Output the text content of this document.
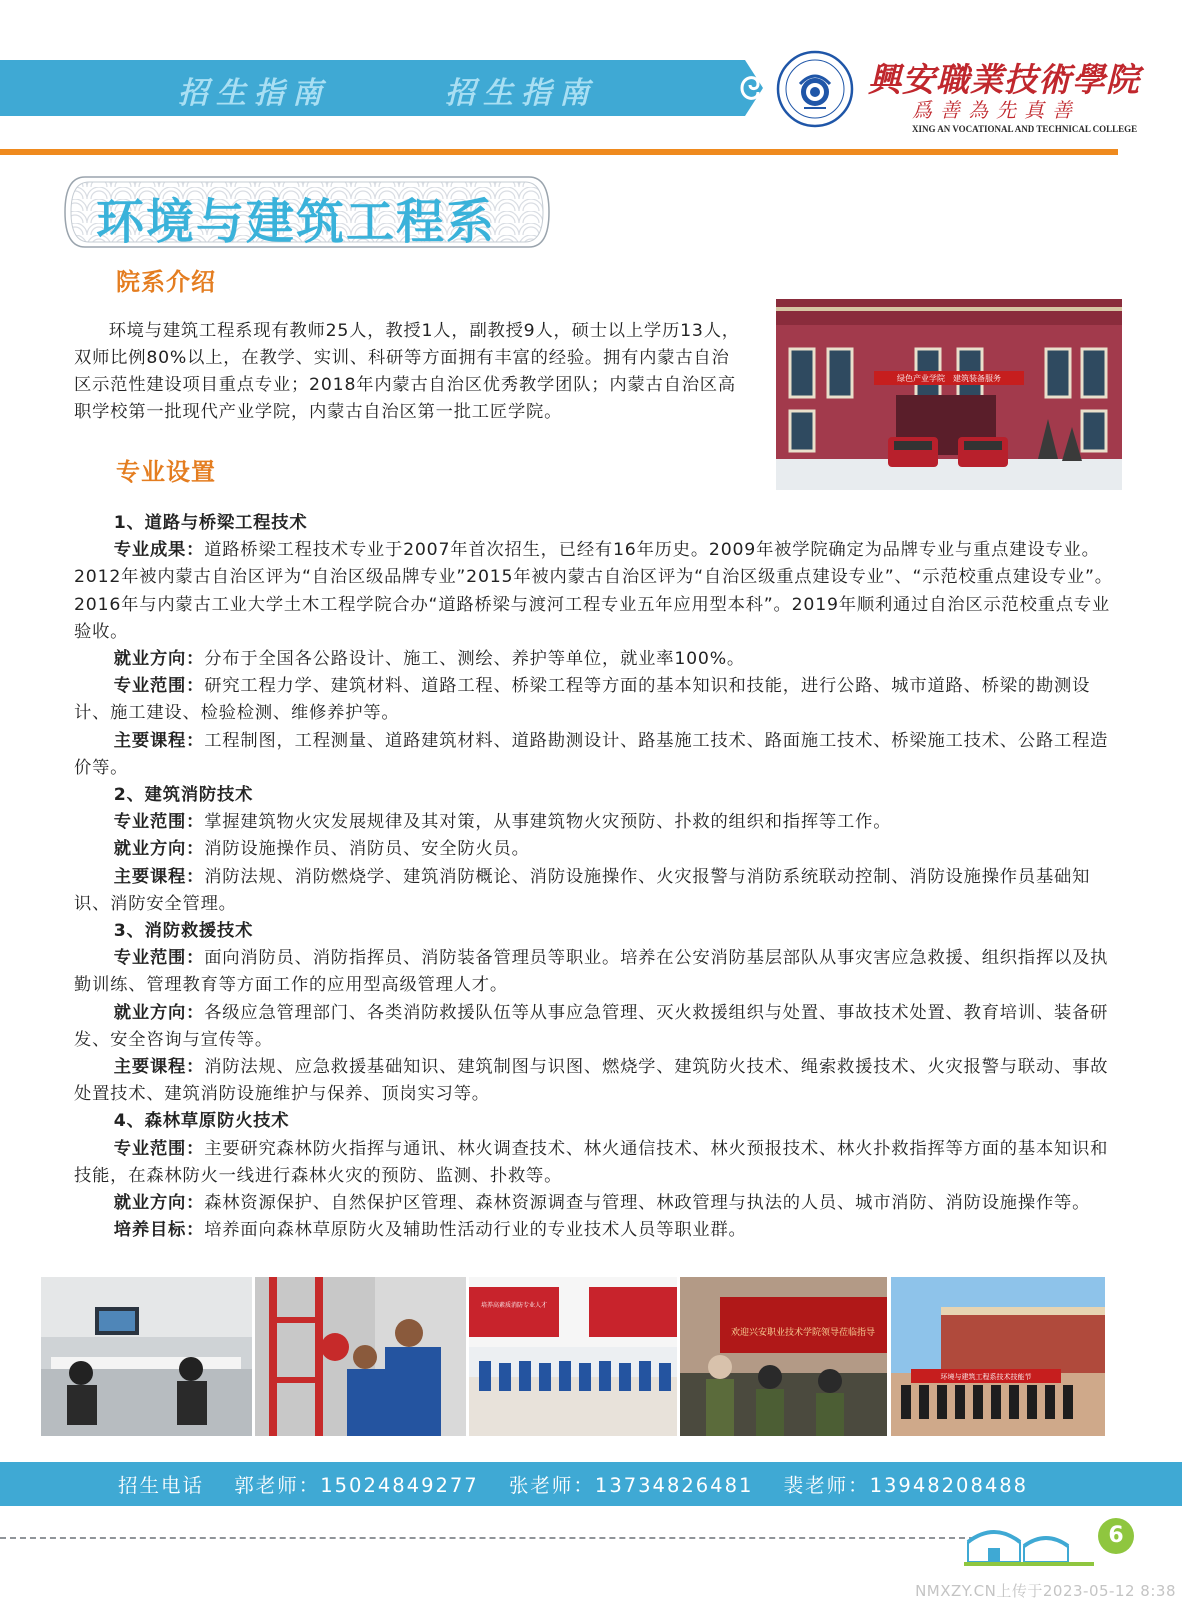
招生指南	招生指南	興安職業技術學院
爲善為先真善
XING AN VOCATIONAL AND TECHNICAL COLLEGE
环境与建筑工程系
院系介绍
环境与建筑工程系现有教师25人，教授1人，副教授9人，硕士以上学历13人，双师比例80%以上，在教学、实训、科研等方面拥有丰富的经验。拥有内蒙古自治区示范性建设项目重点专业；2018年内蒙古自治区优秀教学团队；内蒙古自治区高职学校第一批现代产业学院，内蒙古自治区第一批工匠学院。
绿色产业学院　建筑装备服务
专业设置

1、道路与桥梁工程技术

专业成果：道路桥梁工程技术专业于2007年首次招生，已经有16年历史。2009年被学院确定为品牌专业与重点建设专业。2012年被内蒙古自治区评为“自治区级品牌专业”2015年被内蒙古自治区评为“自治区级重点建设专业”、“示范校重点建设专业”。2016年与内蒙古工业大学土木工程学院合办“道路桥梁与渡河工程专业五年应用型本科”。2019年顺利通过自治区示范校重点专业验收。

就业方向：分布于全国各公路设计、施工、测绘、养护等单位，就业率100%。

专业范围：研究工程力学、建筑材料、道路工程、桥梁工程等方面的基本知识和技能，进行公路、城市道路、桥梁的勘测设计、施工建设、检验检测、维修养护等。

主要课程：工程制图，工程测量、道路建筑材料、道路勘测设计、路基施工技术、路面施工技术、桥梁施工技术、公路工程造价等。

2、建筑消防技术

专业范围：掌握建筑物火灾发展规律及其对策，从事建筑物火灾预防、扑救的组织和指挥等工作。

就业方向：消防设施操作员、消防员、安全防火员。

主要课程：消防法规、消防燃烧学、建筑消防概论、消防设施操作、火灾报警与消防系统联动控制、消防设施操作员基础知识、消防安全管理。

3、消防救援技术

专业范围：面向消防员、消防指挥员、消防装备管理员等职业。培养在公安消防基层部队从事灾害应急救援、组织指挥以及执勤训练、管理教育等方面工作的应用型高级管理人才。

就业方向：各级应急管理部门、各类消防救援队伍等从事应急管理、灭火救援组织与处置、事故技术处置、教育培训、装备研发、安全咨询与宣传等。

主要课程：消防法规、应急救援基础知识、建筑制图与识图、燃烧学、建筑防火技术、绳索救援技术、火灾报警与联动、事故处置技术、建筑消防设施维护与保养、顶岗实习等。

4、森林草原防火技术

专业范围：主要研究森林防火指挥与通讯、林火调查技术、林火通信技术、林火预报技术、林火扑救指挥等方面的基本知识和技能，在森林防火一线进行森林火灾的预防、监测、扑救等。

就业方向：森林资源保护、自然保护区管理、森林资源调查与管理、林政管理与执法的人员、城市消防、消防设施操作等。

培养目标：培养面向森林草原防火及辅助性活动行业的专业技术人员等职业群。

培养高素质消防专业人才
欢迎兴安职业技术学院领导莅临指导
环境与建筑工程系技术技能节
招生电话 郭老师：15024849277 张老师：13734826481 裴老师：13948208488
6
NMXZY.CN上传于2023-05-12 8:38
